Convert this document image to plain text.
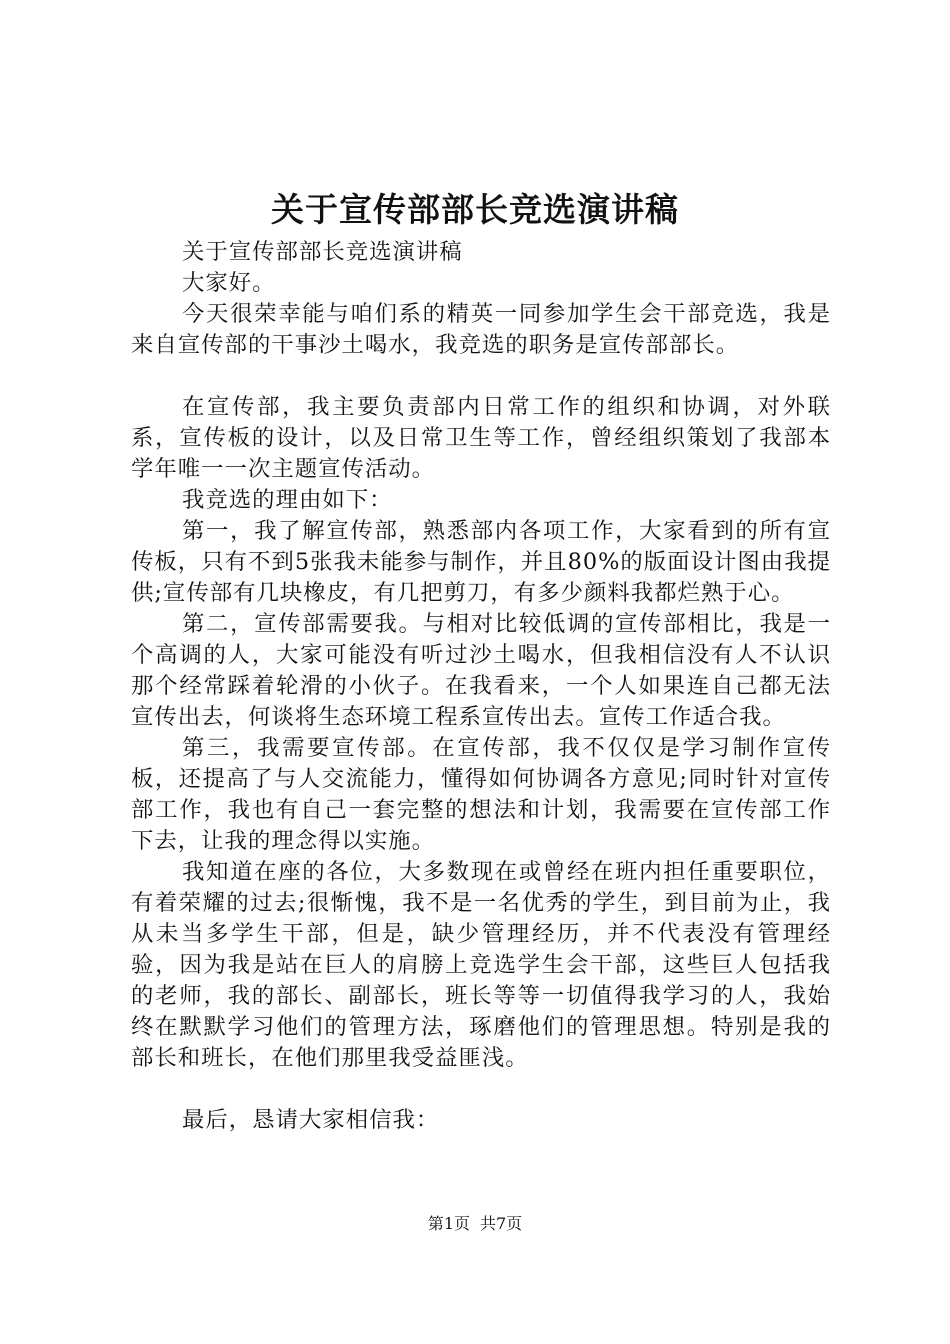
关于宣传部部长竞选演讲稿

关于宣传部部长竞选演讲稿

大家好。

今天很荣幸能与咱们系的精英一同参加学生会干部竞选，我是来自宣传部的干事沙土喝水，我竞选的职务是宣传部部长。

在宣传部，我主要负责部内日常工作的组织和协调，对外联系，宣传板的设计，以及日常卫生等工作，曾经组织策划了我部本学年唯一一次主题宣传活动。

我竞选的理由如下：

第一，我了解宣传部，熟悉部内各项工作，大家看到的所有宣传板，只有不到5张我未能参与制作，并且80%的版面设计图由我提供;宣传部有几块橡皮，有几把剪刀，有多少颜料我都烂熟于心。

第二，宣传部需要我。与相对比较低调的宣传部相比，我是一个高调的人，大家可能没有听过沙土喝水，但我相信没有人不认识那个经常踩着轮滑的小伙子。在我看来，一个人如果连自己都无法宣传出去，何谈将生态环境工程系宣传出去。宣传工作适合我。

第三，我需要宣传部。在宣传部，我不仅仅是学习制作宣传板，还提高了与人交流能力，懂得如何协调各方意见;同时针对宣传部工作，我也有自己一套完整的想法和计划，我需要在宣传部工作下去，让我的理念得以实施。

我知道在座的各位，大多数现在或曾经在班内担任重要职位，有着荣耀的过去;很惭愧，我不是一名优秀的学生，到目前为止，我从未当多学生干部，但是，缺少管理经历，并不代表没有管理经验，因为我是站在巨人的肩膀上竞选学生会干部，这些巨人包括我的老师，我的部长、副部长，班长等等一切值得我学习的人，我始终在默默学习他们的管理方法，琢磨他们的管理思想。特别是我的部长和班长，在他们那里我受益匪浅。

最后，恳请大家相信我：

第1页 共7页
